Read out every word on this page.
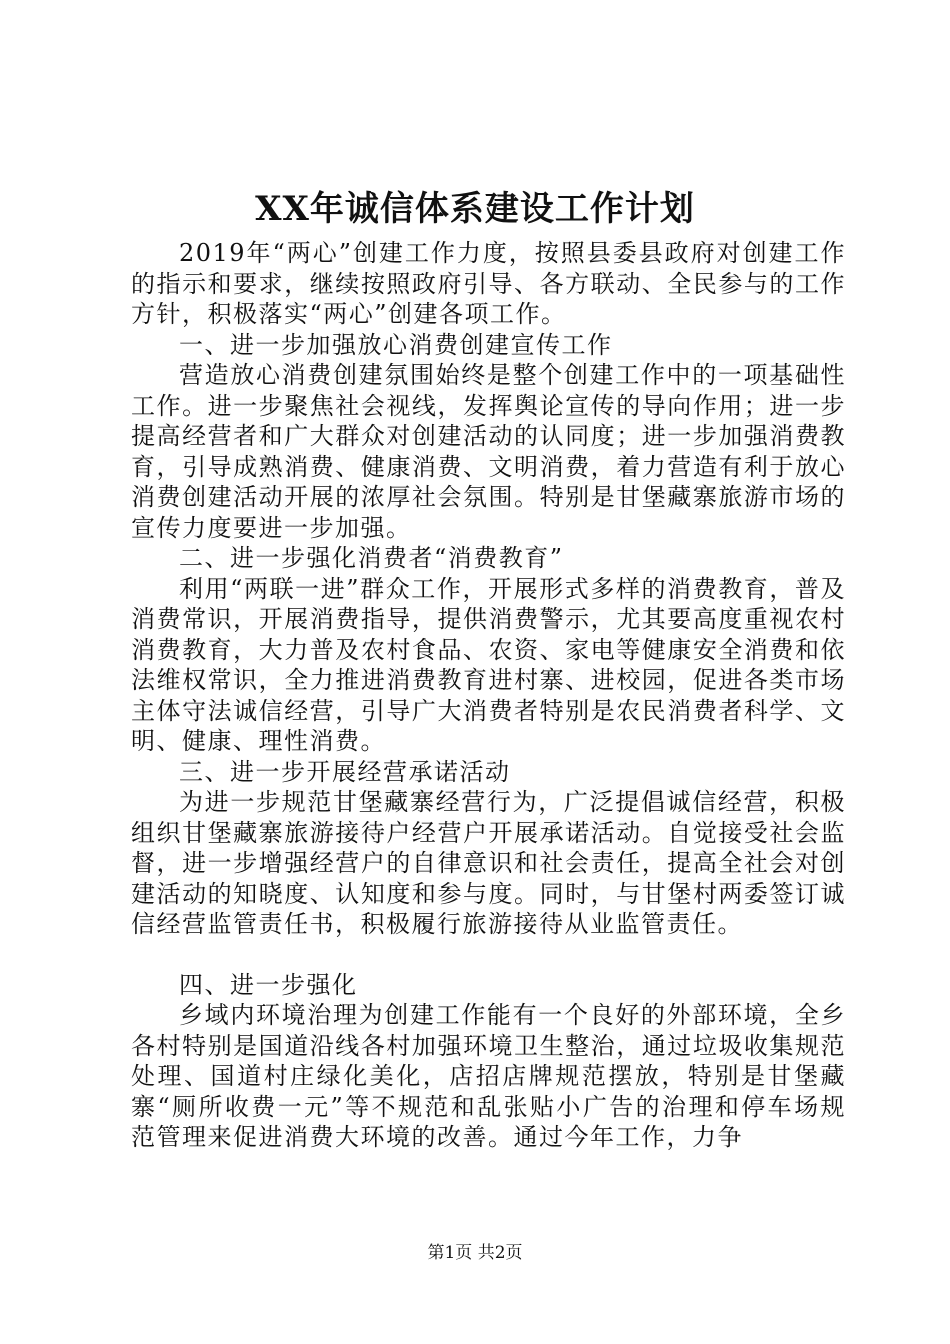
XX年诚信体系建设工作计划

2019年“两心”创建工作力度，按照县委县政府对创建工作的指示和要求，继续按照政府引导、各方联动、全民参与的工作方针，积极落实“两心”创建各项工作。

一、进一步加强放心消费创建宣传工作

营造放心消费创建氛围始终是整个创建工作中的一项基础性工作。进一步聚焦社会视线，发挥舆论宣传的导向作用；进一步提高经营者和广大群众对创建活动的认同度；进一步加强消费教育，引导成熟消费、健康消费、文明消费，着力营造有利于放心消费创建活动开展的浓厚社会氛围。特别是甘堡藏寨旅游市场的宣传力度要进一步加强。

二、进一步强化消费者“消费教育”

利用“两联一进”群众工作，开展形式多样的消费教育，普及消费常识，开展消费指导，提供消费警示，尤其要高度重视农村消费教育，大力普及农村食品、农资、家电等健康安全消费和依法维权常识，全力推进消费教育进村寨、进校园，促进各类市场主体守法诚信经营，引导广大消费者特别是农民消费者科学、文明、健康、理性消费。

三、进一步开展经营承诺活动

为进一步规范甘堡藏寨经营行为，广泛提倡诚信经营，积极组织甘堡藏寨旅游接待户经营户开展承诺活动。自觉接受社会监督，进一步增强经营户的自律意识和社会责任，提高全社会对创建活动的知晓度、认知度和参与度。同时，与甘堡村两委签订诚信经营监管责任书，积极履行旅游接待从业监管责任。

四、进一步强化

乡域内环境治理为创建工作能有一个良好的外部环境，全乡各村特别是国道沿线各村加强环境卫生整治，通过垃圾收集规范处理、国道村庄绿化美化，店招店牌规范摆放，特别是甘堡藏寨“厕所收费一元”等不规范和乱张贴小广告的治理和停车场规范管理来促进消费大环境的改善。通过今年工作，力争

第1页 共2页
